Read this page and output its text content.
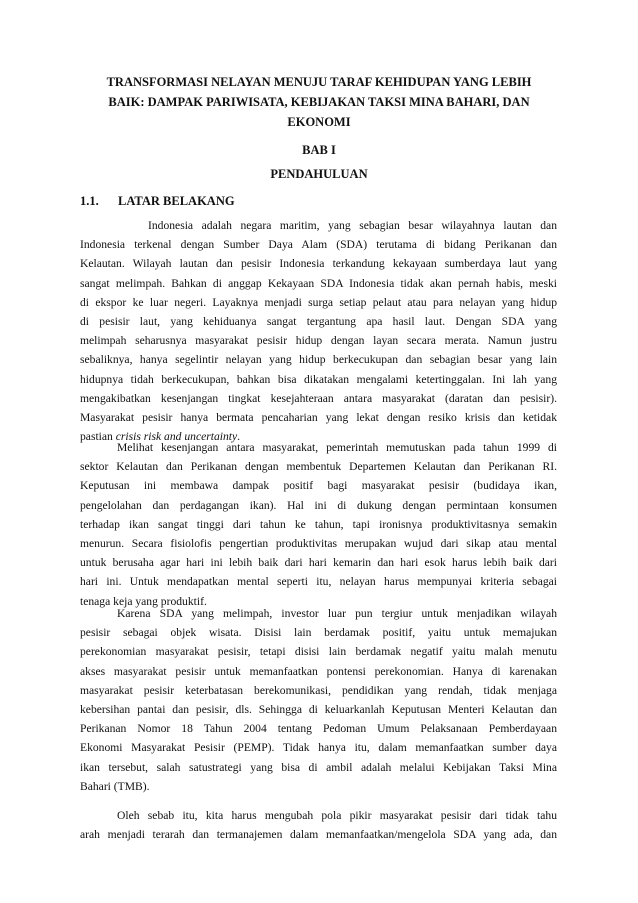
TRANSFORMASI NELAYAN MENUJU TARAF KEHIDUPAN YANG LEBIH
BAIK: DAMPAK PARIWISATA, KEBIJAKAN TAKSI MINA BAHARI, DAN
EKONOMI
BAB I
PENDAHULUAN
1.1. LATAR BELAKANG
Indonesia adalah negara maritim, yang sebagian besar wilayahnya lautan dan
Indonesia terkenal dengan Sumber Daya Alam (SDA) terutama di bidang Perikanan dan
Kelautan. Wilayah lautan dan pesisir Indonesia terkandung kekayaan sumberdaya laut yang
sangat melimpah. Bahkan di anggap Kekayaan SDA Indonesia tidak akan pernah habis, meski
di ekspor ke luar negeri. Layaknya menjadi surga setiap pelaut atau para nelayan yang hidup
di pesisir laut, yang kehiduanya sangat tergantung apa hasil laut. Dengan SDA yang
melimpah seharusnya masyarakat pesisir hidup dengan layan secara merata. Namun justru
sebaliknya, hanya segelintir nelayan yang hidup berkecukupan dan sebagian besar yang lain
hidupnya tidah berkecukupan, bahkan bisa dikatakan mengalami ketertinggalan. Ini lah yang
mengakibatkan kesenjangan tingkat kesejahteraan antara masyarakat (daratan dan pesisir).
Masyarakat pesisir hanya bermata pencaharian yang lekat dengan resiko krisis dan ketidak
pastian crisis risk and uncertainty.
Melihat kesenjangan antara masyarakat, pemerintah memutuskan pada tahun 1999 di
sektor Kelautan dan Perikanan dengan membentuk Departemen Kelautan dan Perikanan RI.
Keputusan ini membawa dampak positif bagi masyarakat pesisir (budidaya ikan,
pengelolahan dan perdagangan ikan). Hal ini di dukung dengan permintaan konsumen
terhadap ikan sangat tinggi dari tahun ke tahun, tapi ironisnya produktivitasnya semakin
menurun. Secara fisiolofis pengertian produktivitas merupakan wujud dari sikap atau mental
untuk berusaha agar hari ini lebih baik dari hari kemarin dan hari esok harus lebih baik dari
hari ini. Untuk mendapatkan mental seperti itu, nelayan harus mempunyai kriteria sebagai
tenaga keja yang produktif.
Karena SDA yang melimpah, investor luar pun tergiur untuk menjadikan wilayah
pesisir sebagai objek wisata. Disisi lain berdamak positif, yaitu untuk memajukan
perekonomian masyarakat pesisir, tetapi disisi lain berdamak negatif yaitu malah menutu
akses masyarakat pesisir untuk memanfaatkan pontensi perekonomian. Hanya di karenakan
masyarakat pesisir keterbatasan berekomunikasi, pendidikan yang rendah, tidak menjaga
kebersihan pantai dan pesisir, dls. Sehingga di keluarkanlah Keputusan Menteri Kelautan dan
Perikanan Nomor 18 Tahun 2004 tentang Pedoman Umum Pelaksanaan Pemberdayaan
Ekonomi Masyarakat Pesisir (PEMP). Tidak hanya itu, dalam memanfaatkan sumber daya
ikan tersebut, salah satustrategi yang bisa di ambil adalah melalui Kebijakan Taksi Mina
Bahari (TMB).
Oleh sebab itu, kita harus mengubah pola pikir masyarakat pesisir dari tidak tahu
arah menjadi terarah dan termanajemen dalam memanfaatkan/mengelola SDA yang ada, dan
